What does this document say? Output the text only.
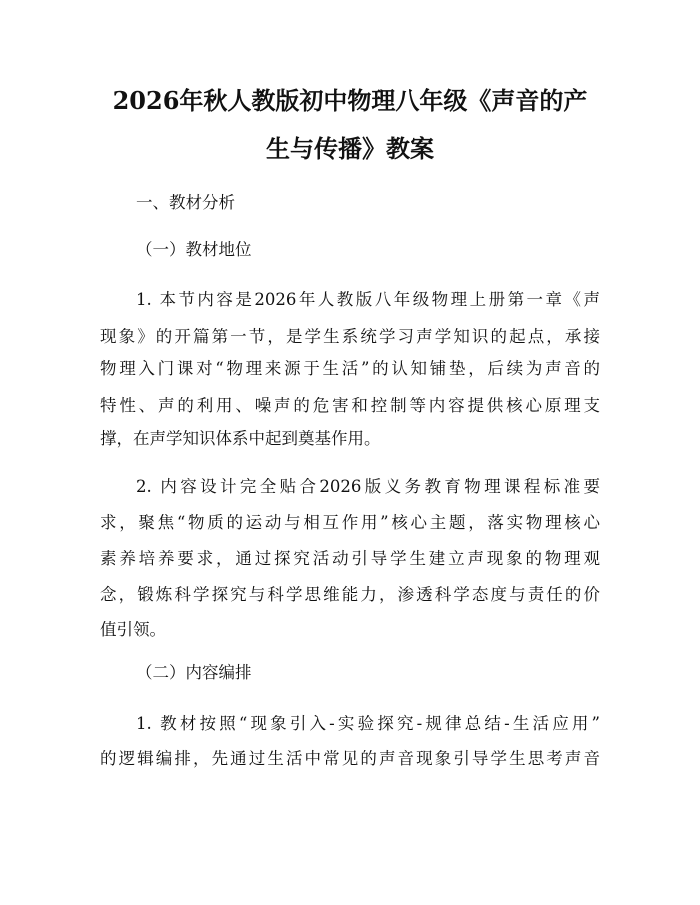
2026年秋人教版初中物理八年级《声音的产
生与传播》教案
一、教材分析
（一）教材地位
1. 本节内容是2026年人教版八年级物理上册第一章《声
现象》的开篇第一节，是学生系统学习声学知识的起点，承接
物理入门课对“物理来源于生活”的认知铺垫，后续为声音的
特性、声的利用、噪声的危害和控制等内容提供核心原理支
撑，在声学知识体系中起到奠基作用。
2. 内容设计完全贴合2026版义务教育物理课程标准要
求，聚焦“物质的运动与相互作用”核心主题，落实物理核心
素养培养要求，通过探究活动引导学生建立声现象的物理观
念，锻炼科学探究与科学思维能力，渗透科学态度与责任的价
值引领。
（二）内容编排
1. 教材按照“现象引入-实验探究-规律总结-生活应用”
的逻辑编排，先通过生活中常见的声音现象引导学生思考声音
